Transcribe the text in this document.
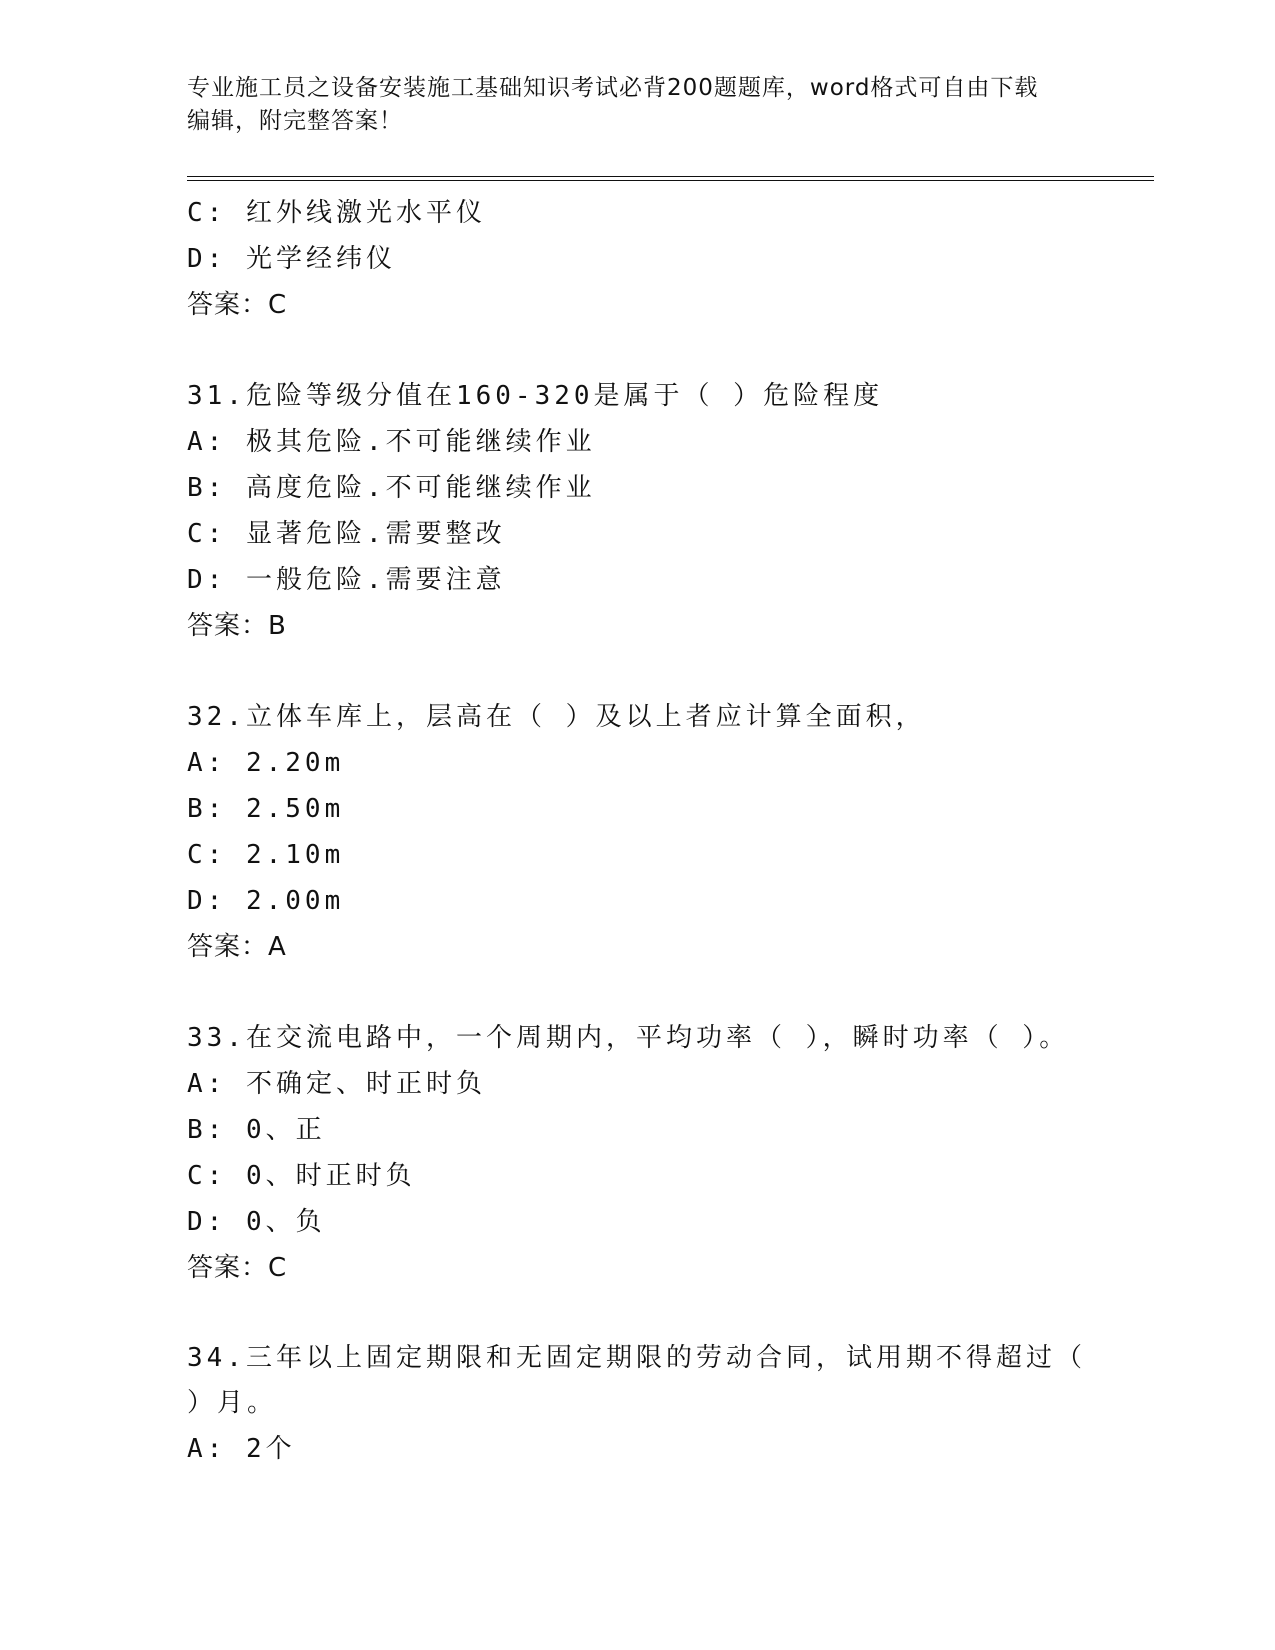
专业施工员之设备安装施工基础知识考试必背200题题库，word格式可自由下载
编辑，附完整答案！
C: 红外线激光水平仪
D: 光学经纬仪
答案：C
31.危险等级分值在160-320是属于（ ）危险程度
A: 极其危险.不可能继续作业
B: 高度危险.不可能继续作业
C: 显著危险.需要整改
D: 一般危险.需要注意
答案：B
32.立体车库上，层高在（ ）及以上者应计算全面积，
A: 2.20m
B: 2.50m
C: 2.10m
D: 2.00m
答案：A
33.在交流电路中，一个周期内，平均功率（ ），瞬时功率（ ）。
A: 不确定、时正时负
B: 0、正
C: 0、时正时负
D: 0、负
答案：C
34.三年以上固定期限和无固定期限的劳动合同，试用期不得超过（
）月。
A: 2个
